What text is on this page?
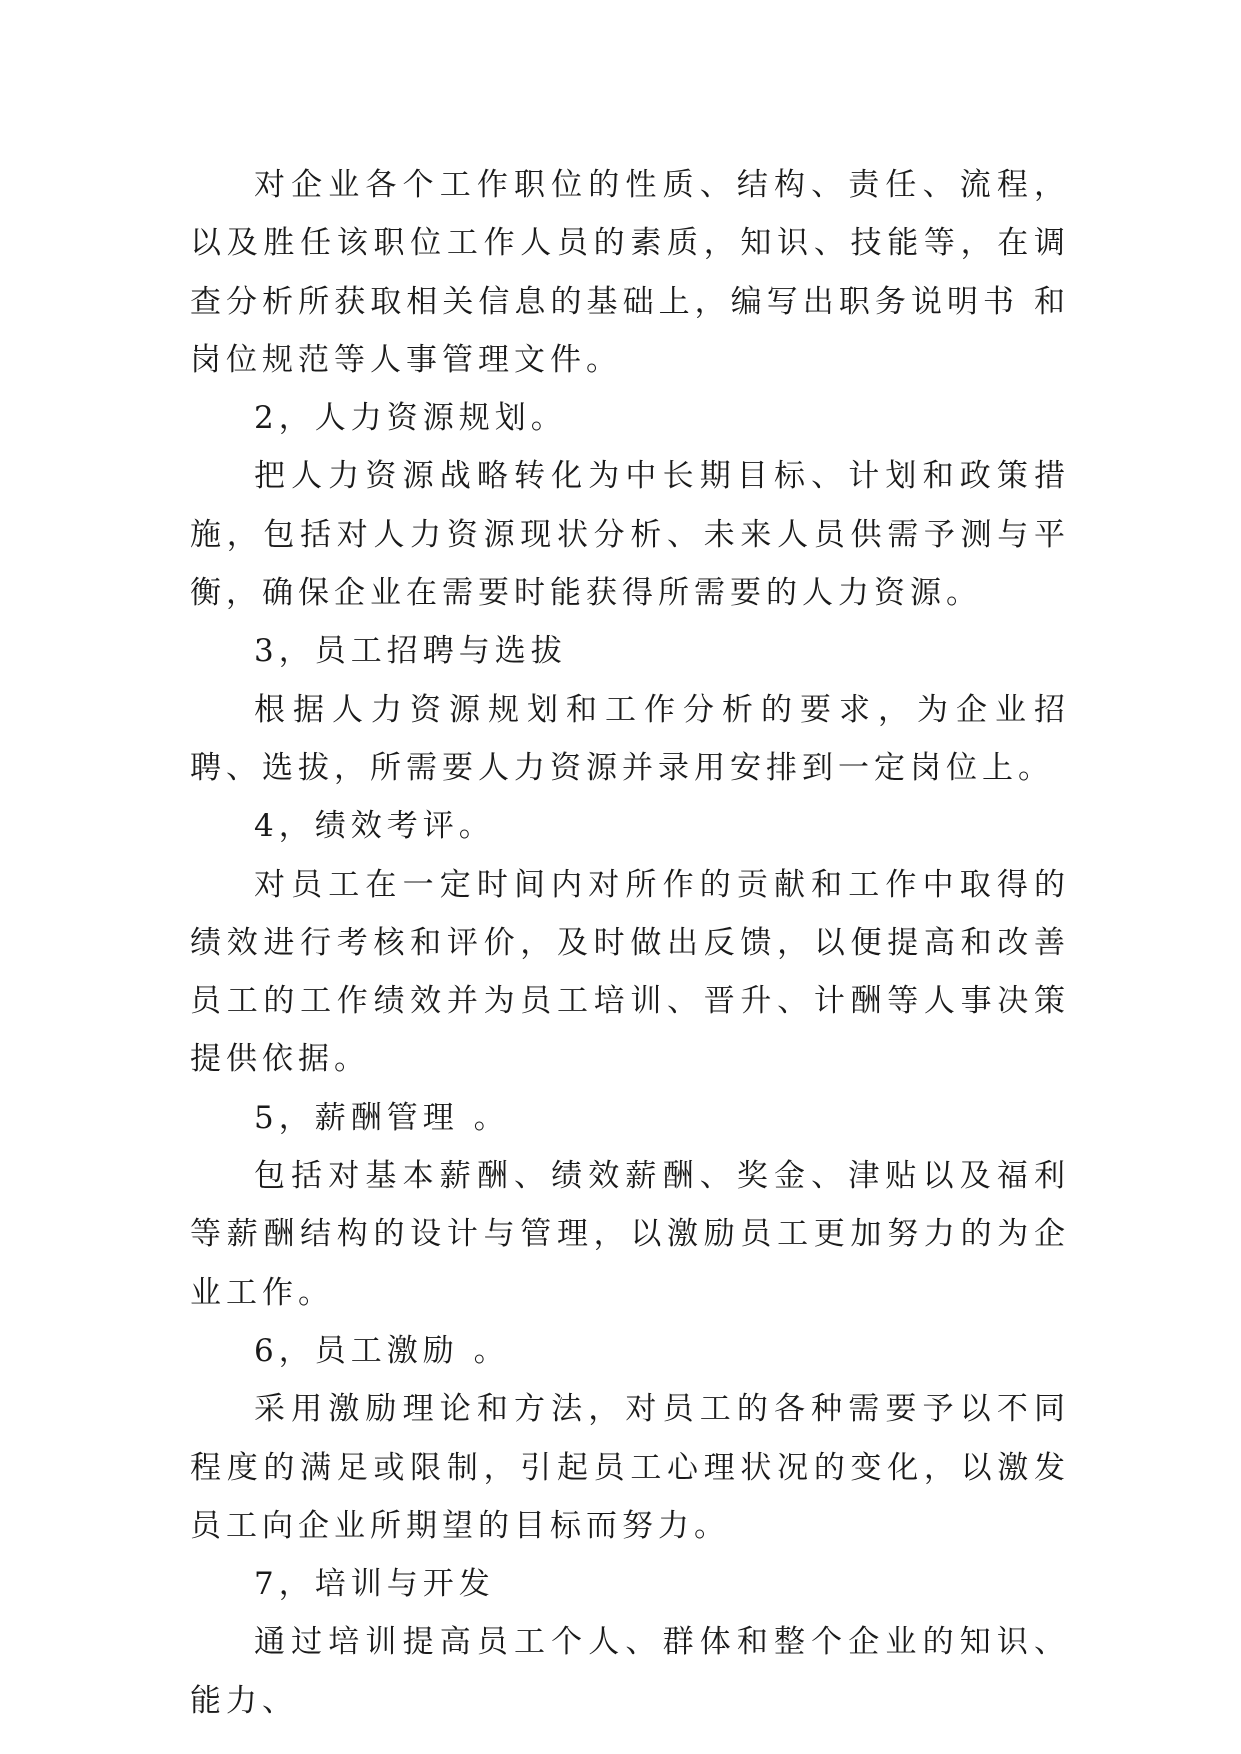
对企业各个工作职位的性质、结构、责任、流程，以及胜任该职位工作人员的素质，知识、技能等，在调查分析所获取相关信息的基础上，编写出职务说明书 和岗位规范等人事管理文件。

2，人力资源规划。

把人力资源战略转化为中长期目标、计划和政策措施，包括对人力资源现状分析、未来人员供需予测与平衡，确保企业在需要时能获得所需要的人力资源。

3，员工招聘与选拔

根据人力资源规划和工作分析的要求，为企业招聘、选拔，所需要人力资源并录用安排到一定岗位上。

4，绩效考评。

对员工在一定时间内对所作的贡献和工作中取得的绩效进行考核和评价，及时做出反馈，以便提高和改善员工的工作绩效并为员工培训、晋升、计酬等人事决策提供依据。

5，薪酬管理 。

包括对基本薪酬、绩效薪酬、奖金、津贴以及福利等薪酬结构的设计与管理，以激励员工更加努力的为企业工作。

6，员工激励 。

采用激励理论和方法，对员工的各种需要予以不同程度的满足或限制，引起员工心理状况的变化，以激发员工向企业所期望的目标而努力。

7，培训与开发

通过培训提高员工个人、群体和整个企业的知识、能力、
